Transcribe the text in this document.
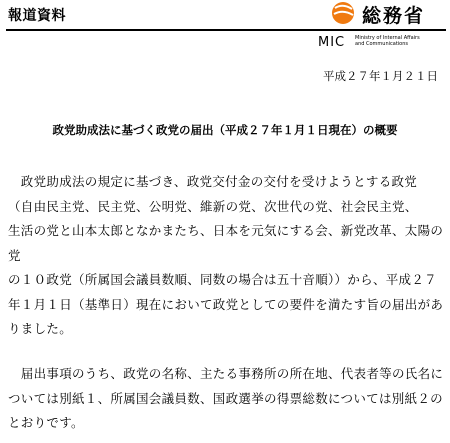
報道資料	総務省
MIC Ministry of Internal Affairs
and Communications
平成２７年１月２１日
政党助成法に基づく政党の届出（平成２７年１月１日現在）の概要
　政党助成法の規定に基づき、政党交付金の交付を受けようとする政党
（自由民主党、民主党、公明党、維新の党、次世代の党、社会民主党、
生活の党と山本太郎となかまたち、日本を元気にする会、新党改革、太陽の党
の１０政党（所属国会議員数順、同数の場合は五十音順））から、平成２７
年１月１日（基準日）現在において政党としての要件を満たす旨の届出があ
りました。
　届出事項のうち、政党の名称、主たる事務所の所在地、代表者等の氏名に
ついては別紙１、所属国会議員数、国政選挙の得票総数については別紙２の
とおりです。
